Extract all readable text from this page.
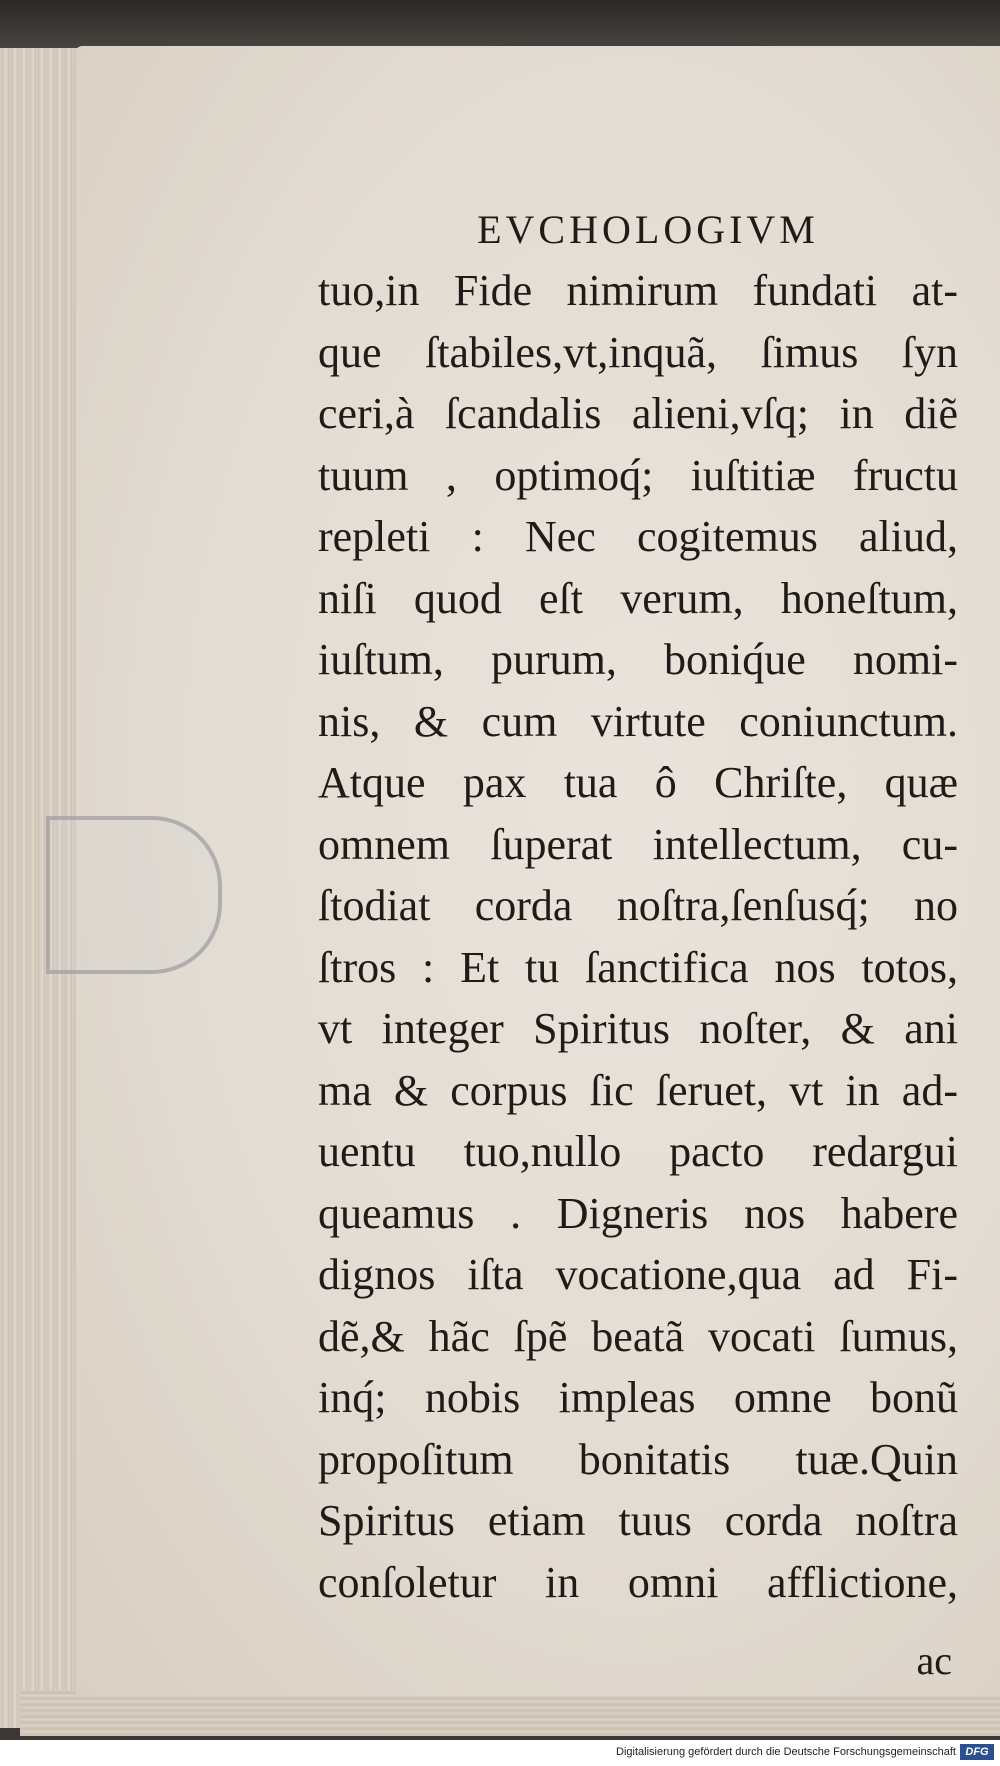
EVCHOLOGIVM
tuo,in Fide nimirum fundati at-
que ſtabiles,vt,inquã, ſimus ſyn
ceri,à ſcandalis alieni,vſq; in diẽ
tuum , optimoq́; iuſtitiæ fructu
repleti : Nec cogitemus aliud,
niſi quod eſt verum, honeſtum,
iuſtum, purum, boniq́ue nomi-
nis, & cum virtute coniunctum.
Atque pax tua ô Chriſte, quæ
omnem ſuperat intellectum, cu-
ſtodiat corda noſtra,ſenſusq́; no
ſtros : Et tu ſanctifica nos totos,
vt integer Spiritus noſter, & ani
ma & corpus ſic ſeruet, vt in ad-
uentu tuo,nullo pacto redargui
queamus . Digneris nos habere
dignos iſta vocatione,qua ad Fi-
dẽ,& hãc ſpẽ beatã vocati ſumus,
inq́; nobis impleas omne bonũ
propoſitum bonitatis tuæ.Quin
Spiritus etiam tuus corda noſtra
conſoletur in omni afflictione,
ac
Digitalisierung gefördert durch die Deutsche Forschungsgemeinschaft DFG
